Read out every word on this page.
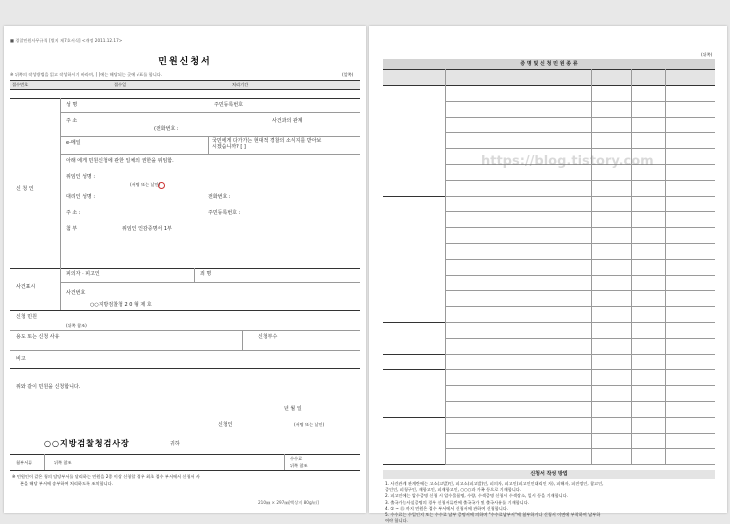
■ 경찰민원사무규칙 [별지 제7호서식] <개정 2011.12.17>
민원신청서
※ 뒤쪽의 작성방법을 읽고 작성하시기 바라며, [ ]에는 해당되는 곳에 √표를 합니다.	(앞쪽)
접수번호	접수일	처리기간
신 청 인
성 명	주민등록번호
주 소	사건과의 관계
(전화번호 :
e-메일	국민에게 다가가는 현대적 경찰의 소식지를 받아보시겠습니까? [ ]
아래 에게 민원신청에 관한 일체의 권한을 위임함.
위임인 성명 :
(서명 또는 날인)
대리인 성명 :	전화번호 :
주 소 :	주민등록번호 :
첨 부	위임인 인감증명서 1부
사건표시
피의자 · 피고인	죄 명
사건번호
○○지방검찰청 2 0 형 제 호
신청 민원
(뒤쪽 참조)
용도 또는 신청 사유	신청부수
비고
위와 같이 민원을 신청합니다.
년 월 일
신청인	(서명 또는 날인)
○○지방검찰청검사장	귀하
첨부서류	뒤쪽 참조
수수료
뒤쪽 참조
※ 민원인이 같은 청의 담당부서를 달리하는 민원을 2종 이상 신청할 경우 최초 접수 부서에서 신청서 사
본을 해당 부서에 송부하여 처리하도록 조치합니다.
210㎜ × 297㎜[백상지 80g/㎡]
(뒤쪽)
증 명 및 신 청 민 원 종 류
신청서 작성 방법
1. 사건관계 관계란에는 고소(고발)인, 피고소(피고발)인, 피의자, 피고인(피고인인대리인 자), 피해자, 피진정인, 참고인,
증인인, 피청구인, 재항고인, 피재항고인, ○○○과 가족 등으로 기재합니다.
2. 피고인에는 압수증명 신청 시 압수물품명, 수량, 수색증명 신청시 수색장소, 일시 등을 기재합니다.
3. 출국가능사실증명의 경우 신청서류란에 출국국가 및 출국사유를 기재합니다.
4. ① ~ ⑮ 까지 민원은 접수 부서에서 신청서에 관하여 신청합니다.
5. 수수료는 수입인지 또는 수수료 납부 증명서에 의하며 "수수료납부서"에 첨부하거나 신청서 이면에 부착하여 납부하
여야 합니다.
https://blog.tistory.com
